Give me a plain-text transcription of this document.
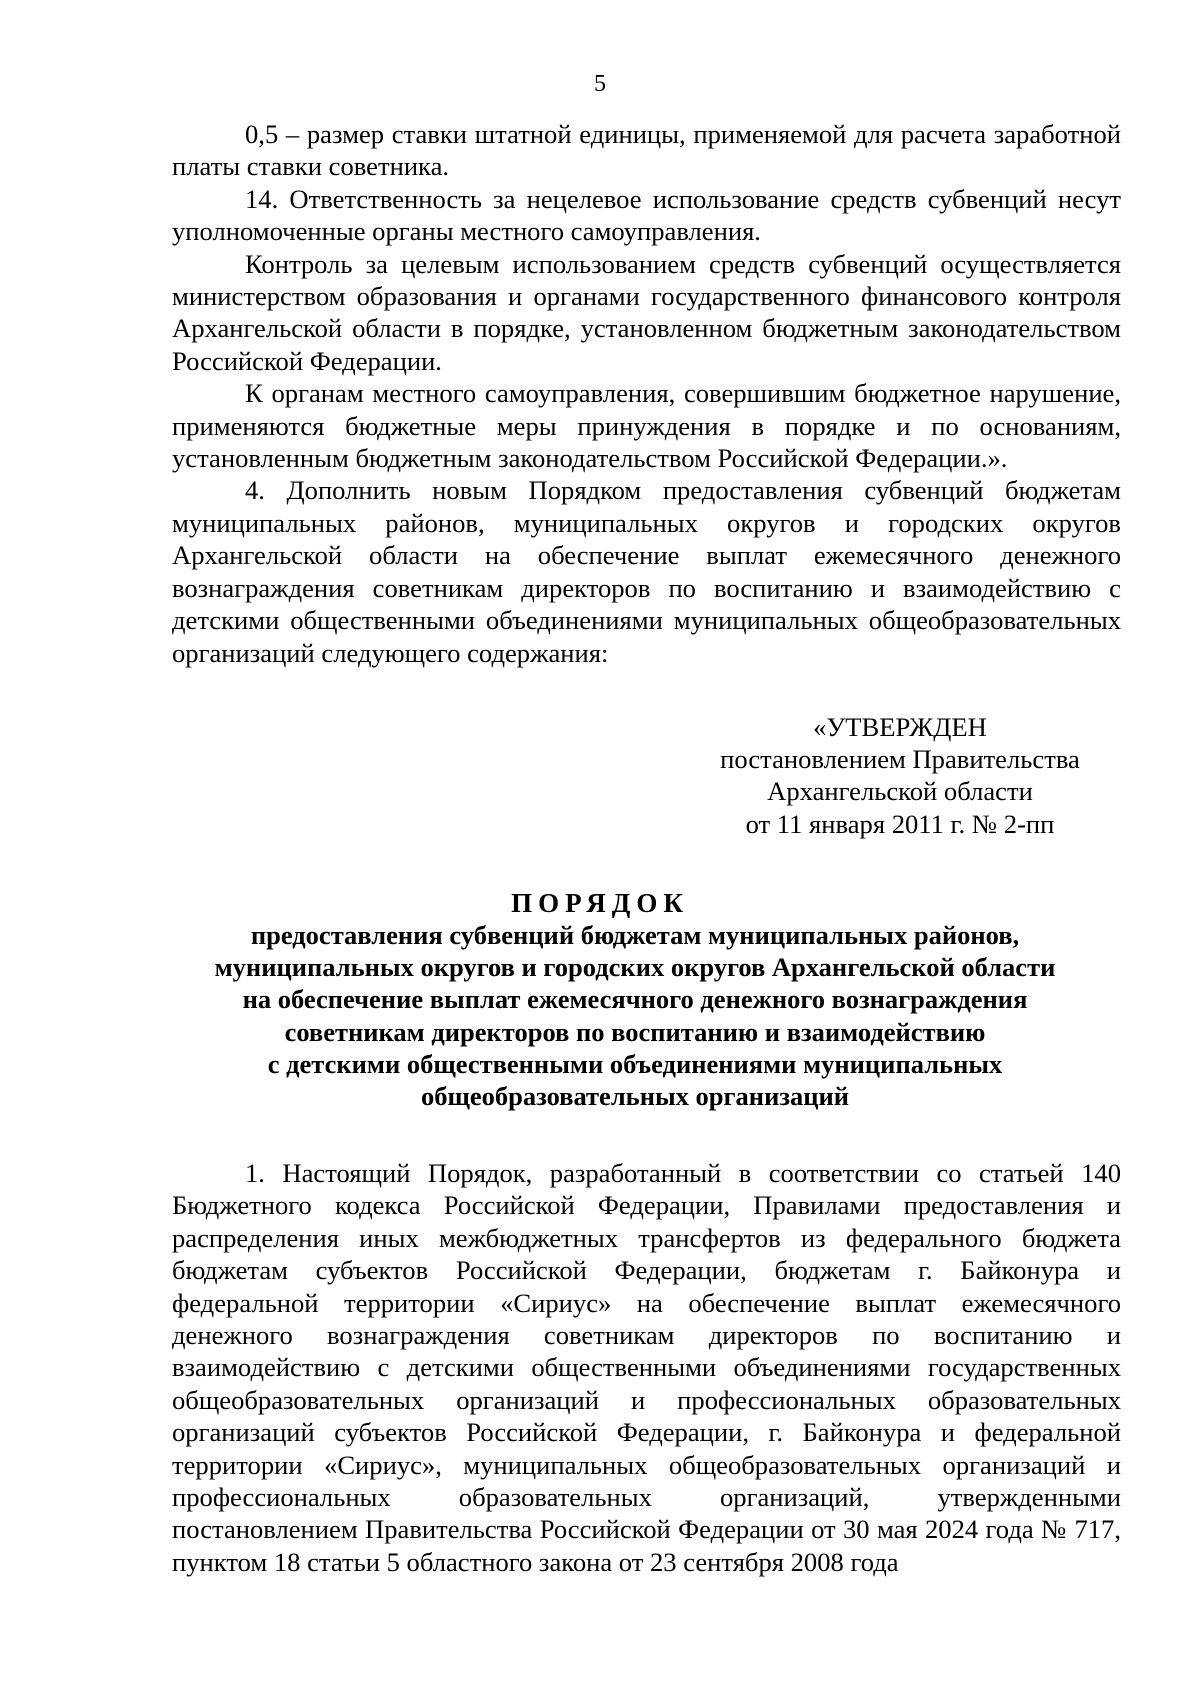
5

0,5 – размер ставки штатной единицы, применяемой для расчета заработной платы ставки советника.

14. Ответственность за нецелевое использование средств субвенций несут уполномоченные органы местного самоуправления.

Контроль за целевым использованием средств субвенций осуществляется министерством образования и органами государственного финансового контроля Архангельской области в порядке, установленном бюджетным законодательством Российской Федерации.

К органам местного самоуправления, совершившим бюджетное нарушение, применяются бюджетные меры принуждения в порядке и по основаниям, установленным бюджетным законодательством Российской Федерации.».

4. Дополнить новым Порядком предоставления субвенций бюджетам муниципальных районов, муниципальных округов и городских округов Архангельской области на обеспечение выплат ежемесячного денежного вознаграждения советникам директоров по воспитанию и взаимодействию с детскими общественными объединениями муниципальных общеобразовательных организаций следующего содержания:

«УТВЕРЖДЕН
постановлением Правительства
Архангельской области
от 11 января 2011 г. № 2-пп
ПОРЯДОК
предоставления субвенций бюджетам муниципальных районов,
муниципальных округов и городских округов Архангельской области
на обеспечение выплат ежемесячного денежного вознаграждения
советникам директоров по воспитанию и взаимодействию
с детскими общественными объединениями муниципальных
общеобразовательных организаций

1. Настоящий Порядок, разработанный в соответствии со статьей 140 Бюджетного кодекса Российской Федерации, Правилами предоставления и распределения иных межбюджетных трансфертов из федерального бюджета бюджетам субъектов Российской Федерации, бюджетам г. Байконура и федеральной территории «Сириус» на обеспечение выплат ежемесячного денежного вознаграждения советникам директоров по воспитанию и взаимодействию с детскими общественными объединениями государственных общеобразовательных организаций и профессиональных образовательных организаций субъектов Российской Федерации, г. Байконура и федеральной территории «Сириус», муниципальных общеобразовательных организаций и профессиональных образовательных организаций, утвержденными постановлением Правительства Российской Федерации от 30 мая 2024 года № 717, пунктом 18 статьи 5 областного закона от 23 сентября 2008 года
